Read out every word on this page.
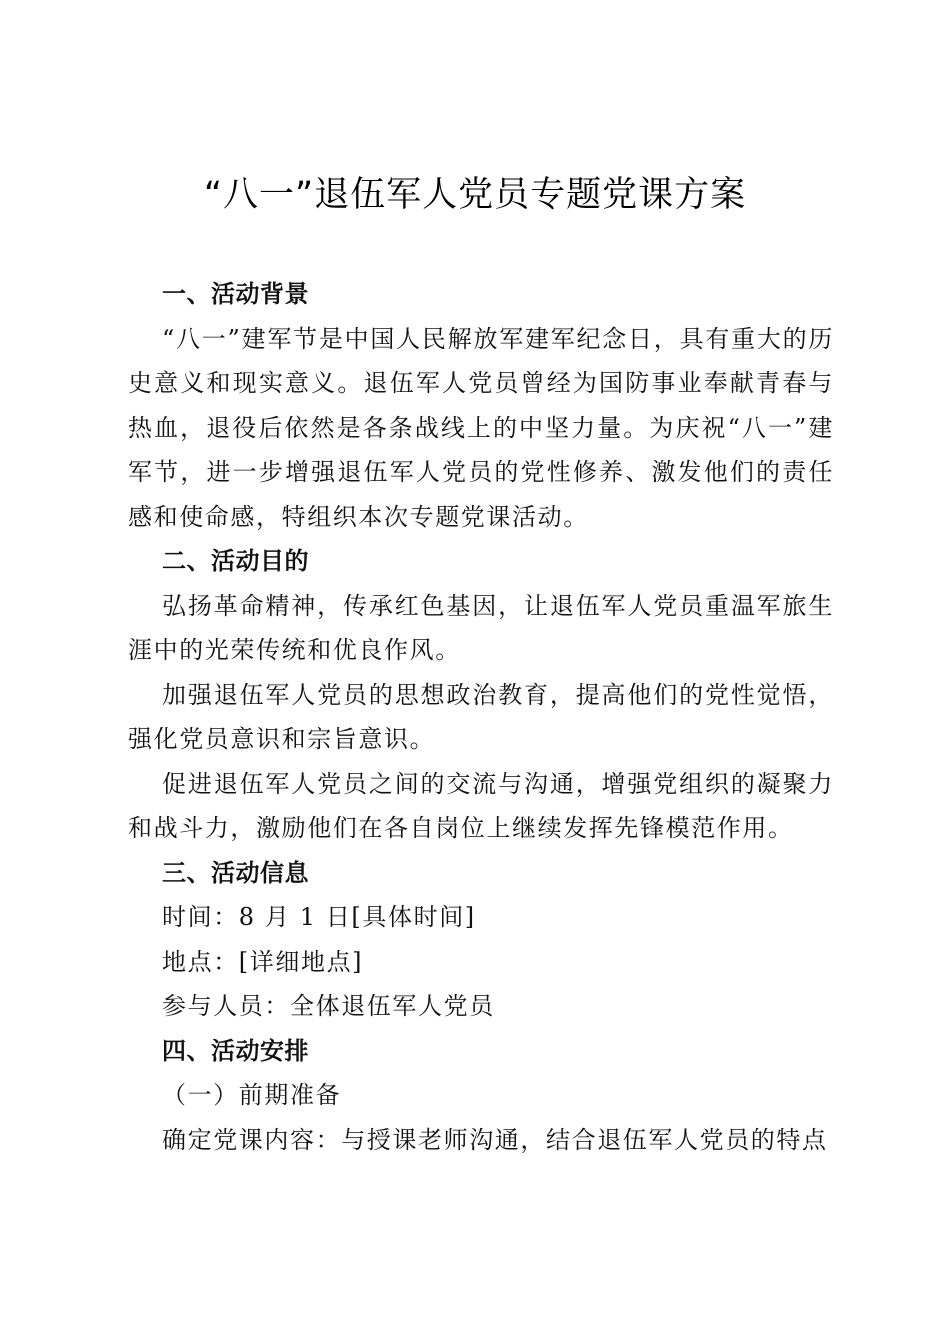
“八一”退伍军人党员专题党课方案
一、活动背景
“八一”建军节是中国人民解放军建军纪念日，具有重大的历史意义和现实意义。退伍军人党员曾经为国防事业奉献青春与热血，退役后依然是各条战线上的中坚力量。为庆祝“八一”建军节，进一步增强退伍军人党员的党性修养、激发他们的责任感和使命感，特组织本次专题党课活动。
二、活动目的
弘扬革命精神，传承红色基因，让退伍军人党员重温军旅生涯中的光荣传统和优良作风。
加强退伍军人党员的思想政治教育，提高他们的党性觉悟，强化党员意识和宗旨意识。
促进退伍军人党员之间的交流与沟通，增强党组织的凝聚力和战斗力，激励他们在各自岗位上继续发挥先锋模范作用。
三、活动信息
时间：8 月 1 日[具体时间]
地点：[详细地点]
参与人员：全体退伍军人党员
四、活动安排
（一）前期准备
确定党课内容：与授课老师沟通，结合退伍军人党员的特点
